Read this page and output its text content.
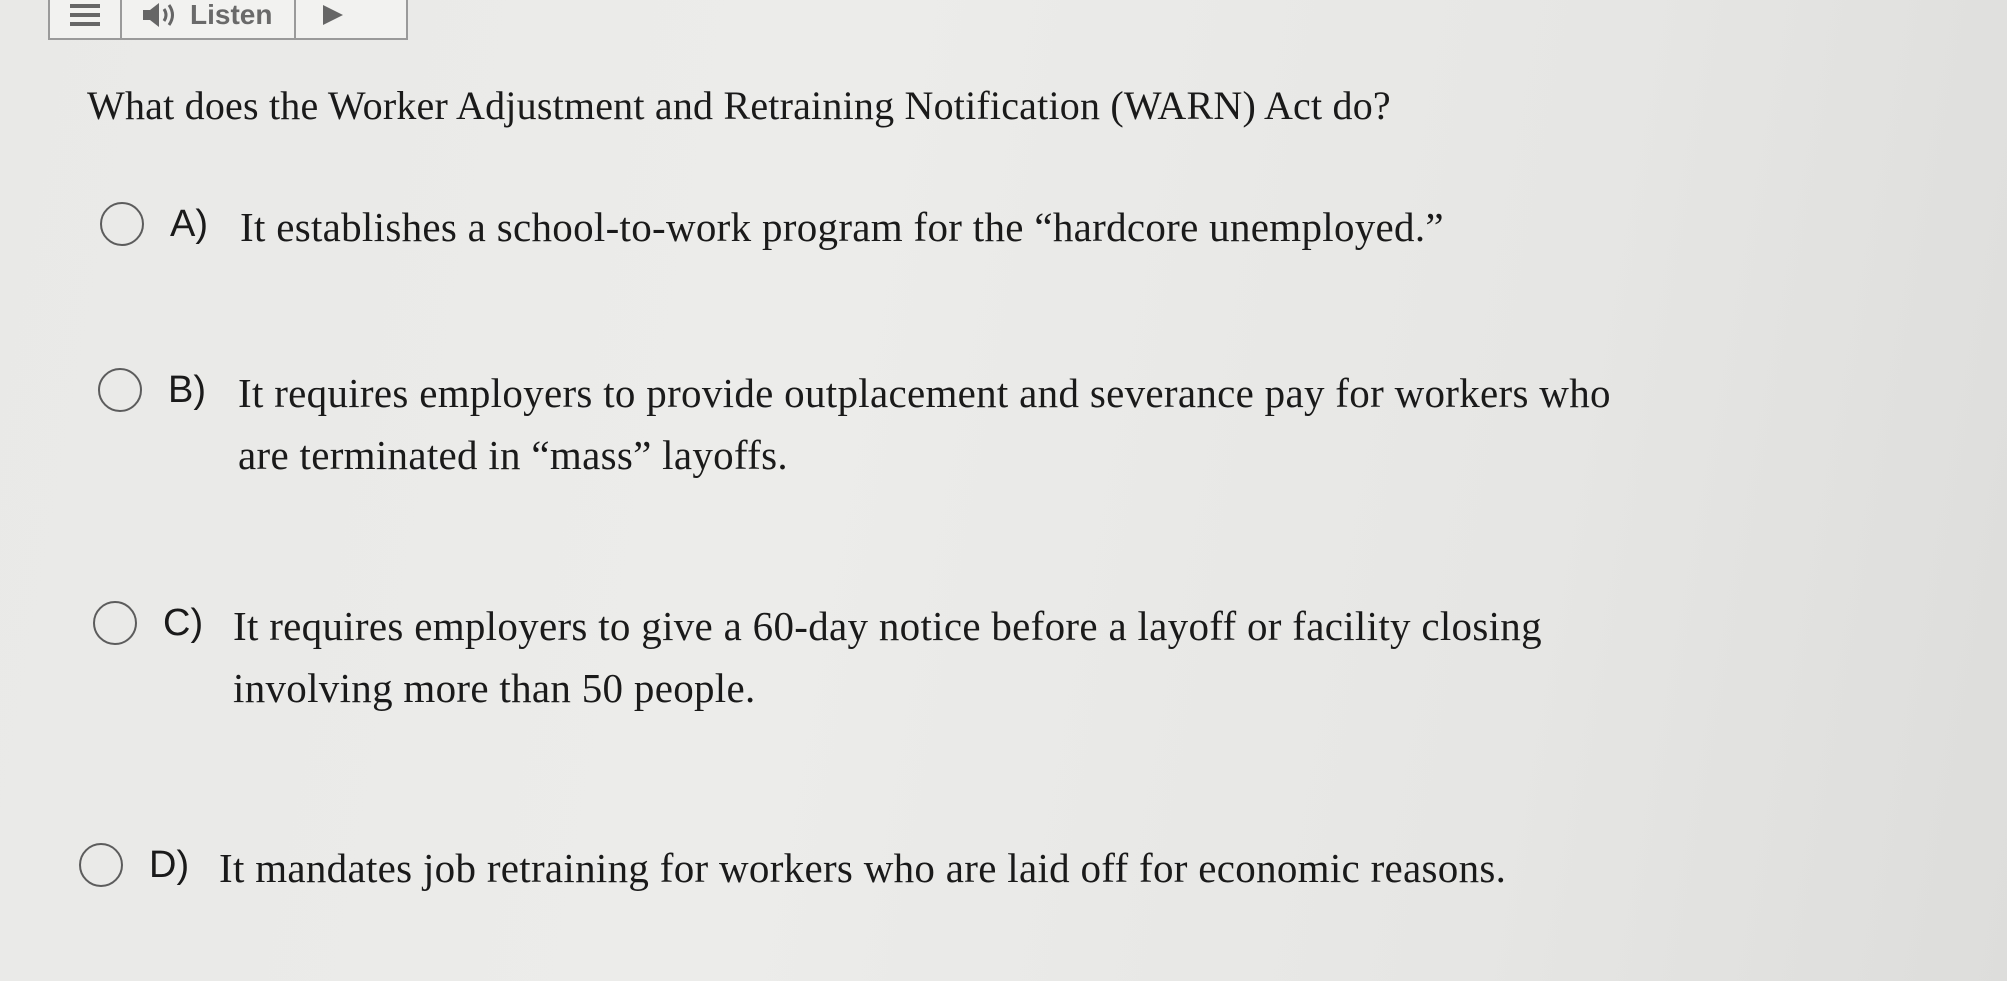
Listen
What does the Worker Adjustment and Retraining Notification (WARN) Act do?
A) It establishes a school-to-work program for the “hardcore unemployed.”
B) It requires employers to provide outplacement and severance pay for workers who
are terminated in “mass” layoffs.
C) It requires employers to give a 60-day notice before a layoff or facility closing
involving more than 50 people.
D) It mandates job retraining for workers who are laid off for economic reasons.
